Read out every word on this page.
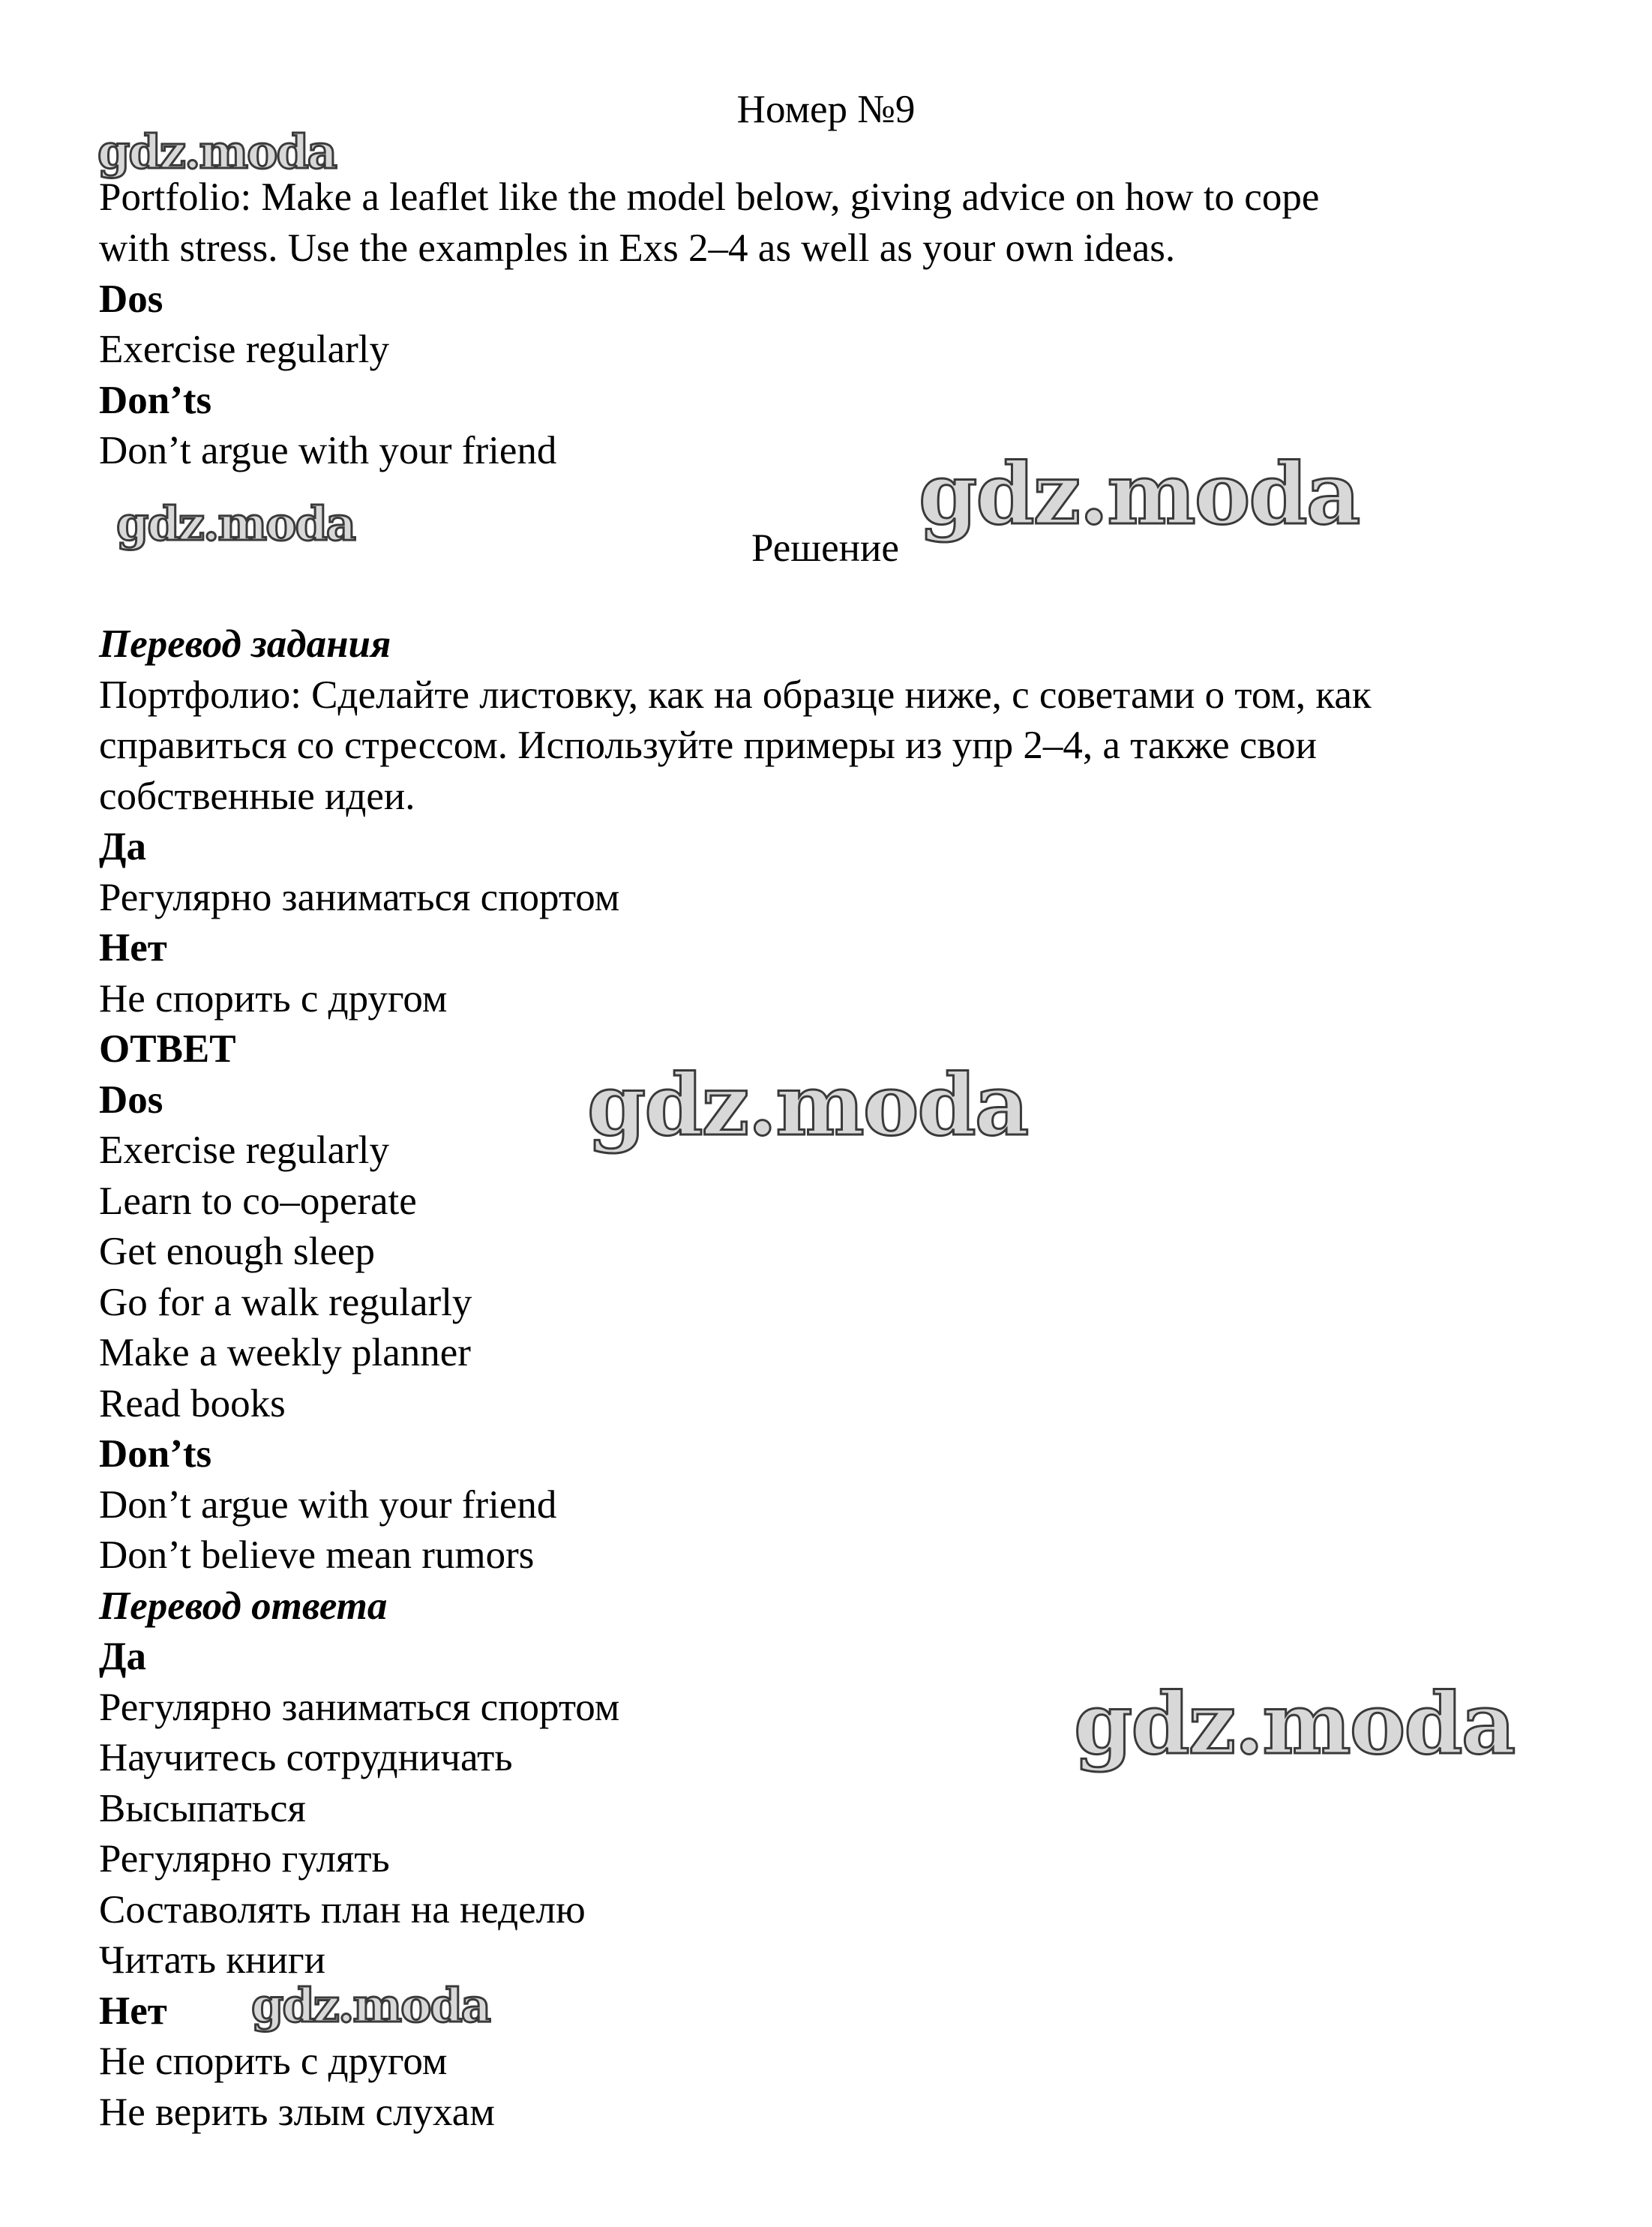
Номер №9
gdz.moda
Portfolio: Make a leaflet like the model below, giving advice on how to cope
with stress. Use the examples in Exs 2–4 as well as your own ideas.
Dos
Exercise regularly
Don’ts
Don’t argue with your friend
gdz.moda	gdz.moda
Решение
Перевод задания
Портфолио: Сделайте листовку, как на образце ниже, с советами о том, как
справиться со стрессом. Используйте примеры из упр 2–4, а также свои
собственные идеи.
Да
Регулярно заниматься спортом
Нет
Не спорить с другом
ОТВЕТ
Dos	gdz.moda
Exercise regularly
Learn to co–operate
Get enough sleep
Go for a walk regularly
Make a weekly planner
Read books
Don’ts
Don’t argue with your friend
Don’t believe mean rumors
Перевод ответа
Да
Регулярно заниматься спортом	gdz.moda
Научитесь сотрудничать
Высыпаться
Регулярно гулять
Составолять план на неделю
Читать книги
Нет gdz.moda
Не спорить с другом
Не верить злым слухам
